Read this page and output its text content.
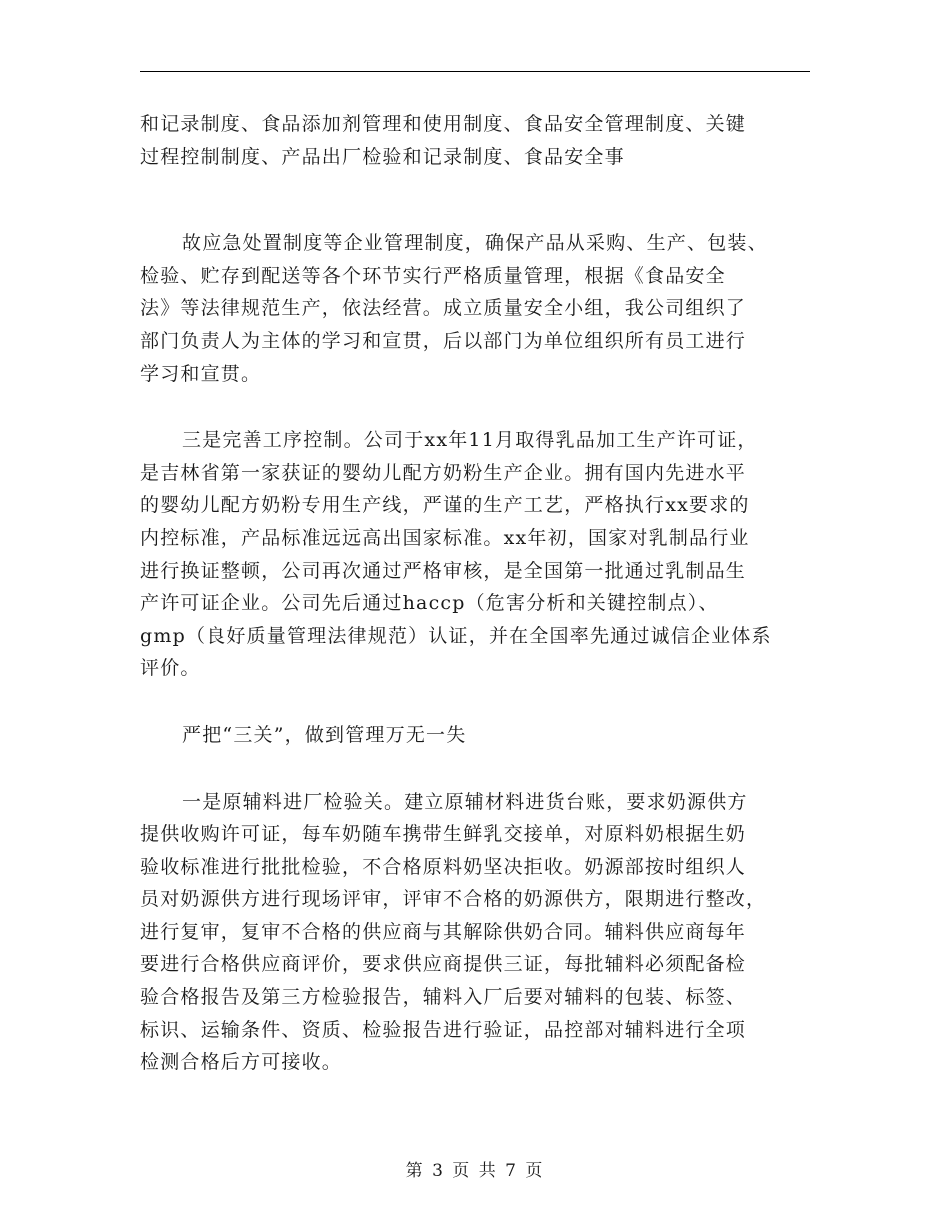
和记录制度、食品添加剂管理和使用制度、食品安全管理制度、关键
过程控制制度、产品出厂检验和记录制度、食品安全事
故应急处置制度等企业管理制度，确保产品从采购、生产、包装、
检验、贮存到配送等各个环节实行严格质量管理，根据《食品安全
法》等法律规范生产，依法经营。成立质量安全小组，我公司组织了
部门负责人为主体的学习和宣贯，后以部门为单位组织所有员工进行
学习和宣贯。
三是完善工序控制。公司于xx年11月取得乳品加工生产许可证，
是吉林省第一家获证的婴幼儿配方奶粉生产企业。拥有国内先进水平
的婴幼儿配方奶粉专用生产线，严谨的生产工艺，严格执行xx要求的
内控标准，产品标准远远高出国家标准。xx年初，国家对乳制品行业
进行换证整顿，公司再次通过严格审核，是全国第一批通过乳制品生
产许可证企业。公司先后通过haccp（危害分析和关键控制点）、
gmp（良好质量管理法律规范）认证，并在全国率先通过诚信企业体系
评价。
严把“三关”，做到管理万无一失
一是原辅料进厂检验关。建立原辅材料进货台账，要求奶源供方
提供收购许可证，每车奶随车携带生鲜乳交接单，对原料奶根据生奶
验收标准进行批批检验，不合格原料奶坚决拒收。奶源部按时组织人
员对奶源供方进行现场评审，评审不合格的奶源供方，限期进行整改，
进行复审，复审不合格的供应商与其解除供奶合同。辅料供应商每年
要进行合格供应商评价，要求供应商提供三证，每批辅料必须配备检
验合格报告及第三方检验报告，辅料入厂后要对辅料的包装、标签、
标识、运输条件、资质、检验报告进行验证，品控部对辅料进行全项
检测合格后方可接收。
第 3 页 共 7 页
